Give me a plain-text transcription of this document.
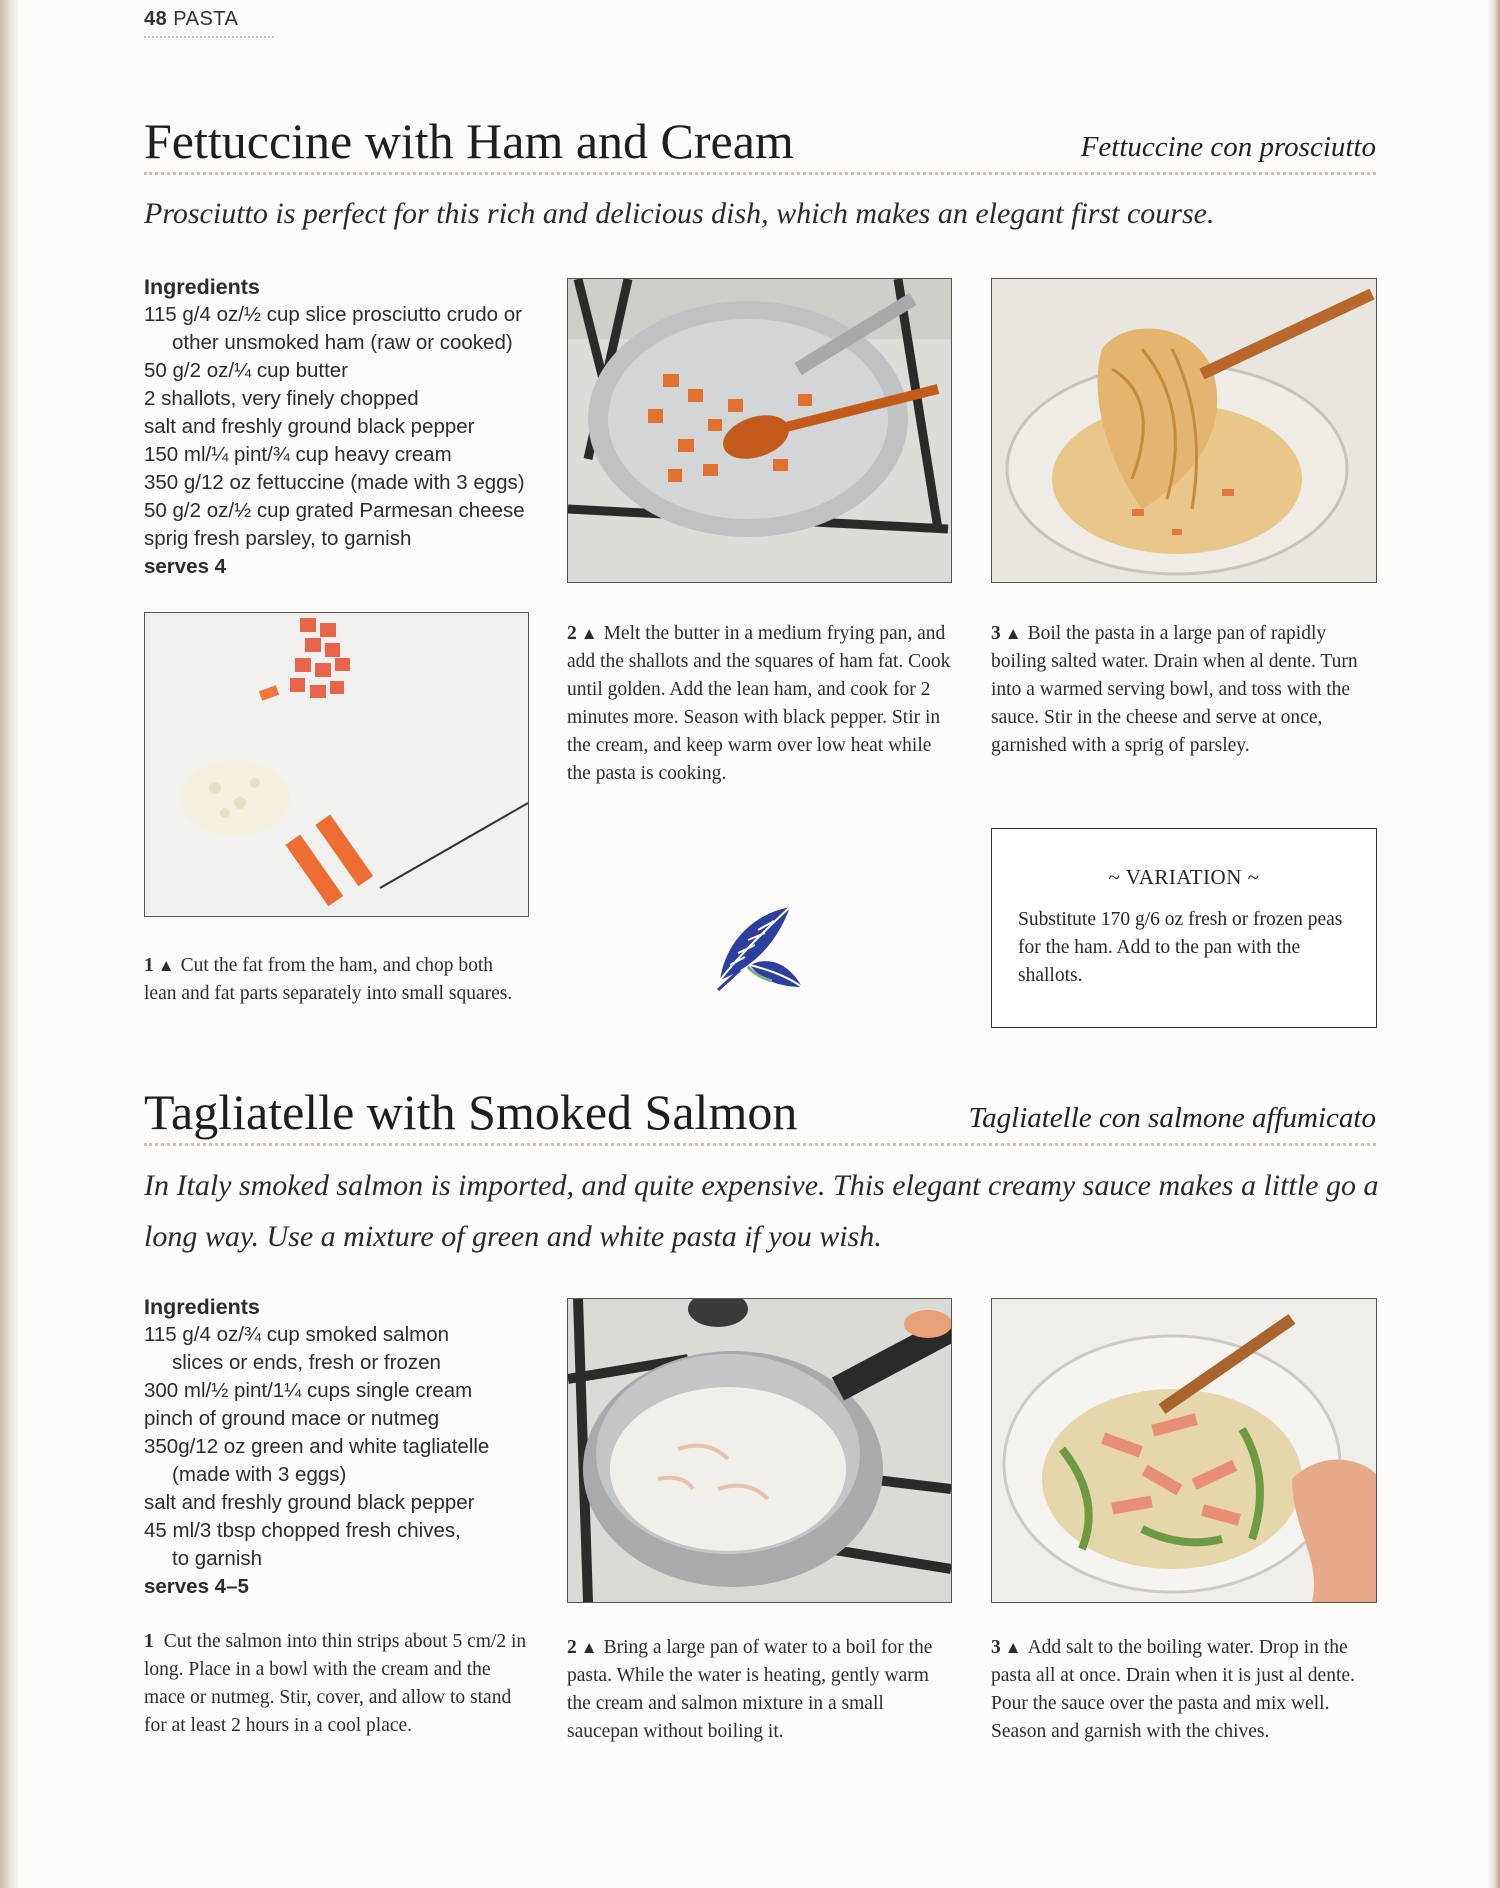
48 PASTA
Fettuccine with Ham and Cream	Fettuccine con prosciutto
Prosciutto is perfect for this rich and delicious dish, which makes an elegant first course.
Ingredients
115 g/4 oz/½ cup slice prosciutto crudo or
other unsmoked ham (raw or cooked)
50 g/2 oz/¼ cup butter
2 shallots, very finely chopped
salt and freshly ground black pepper
150 ml/¼ pint/¾ cup heavy cream
350 g/12 oz fettuccine (made with 3 eggs)
50 g/2 oz/½ cup grated Parmesan cheese
sprig fresh parsley, to garnish
serves 4
1 ▲ Cut the fat from the ham, and chop both lean and fat parts separately into small squares.
2 ▲ Melt the butter in a medium frying pan, and add the shallots and the squares of ham fat. Cook until golden. Add the lean ham, and cook for 2 minutes more. Season with black pepper. Stir in the cream, and keep warm over low heat while the pasta is cooking.
3 ▲ Boil the pasta in a large pan of rapidly boiling salted water. Drain when al dente. Turn into a warmed serving bowl, and toss with the sauce. Stir in the cheese and serve at once, garnished with a sprig of parsley.
~ VARIATION ~
Substitute 170 g/6 oz fresh or frozen peas for the ham. Add to the pan with the shallots.
Tagliatelle with Smoked Salmon	Tagliatelle con salmone affumicato
In Italy smoked salmon is imported, and quite expensive. This elegant creamy sauce makes a little go a long way. Use a mixture of green and white pasta if you wish.
Ingredients
115 g/4 oz/¾ cup smoked salmon
slices or ends, fresh or frozen
300 ml/½ pint/1¼ cups single cream
pinch of ground mace or nutmeg
350g/12 oz green and white tagliatelle
(made with 3 eggs)
salt and freshly ground black pepper
45 ml/3 tbsp chopped fresh chives,
to garnish
serves 4–5
1 Cut the salmon into thin strips about 5 cm/2 in long. Place in a bowl with the cream and the mace or nutmeg. Stir, cover, and allow to stand for at least 2 hours in a cool place.
2 ▲ Bring a large pan of water to a boil for the pasta. While the water is heating, gently warm the cream and salmon mixture in a small saucepan without boiling it.
3 ▲ Add salt to the boiling water. Drop in the pasta all at once. Drain when it is just al dente. Pour the sauce over the pasta and mix well. Season and garnish with the chives.
